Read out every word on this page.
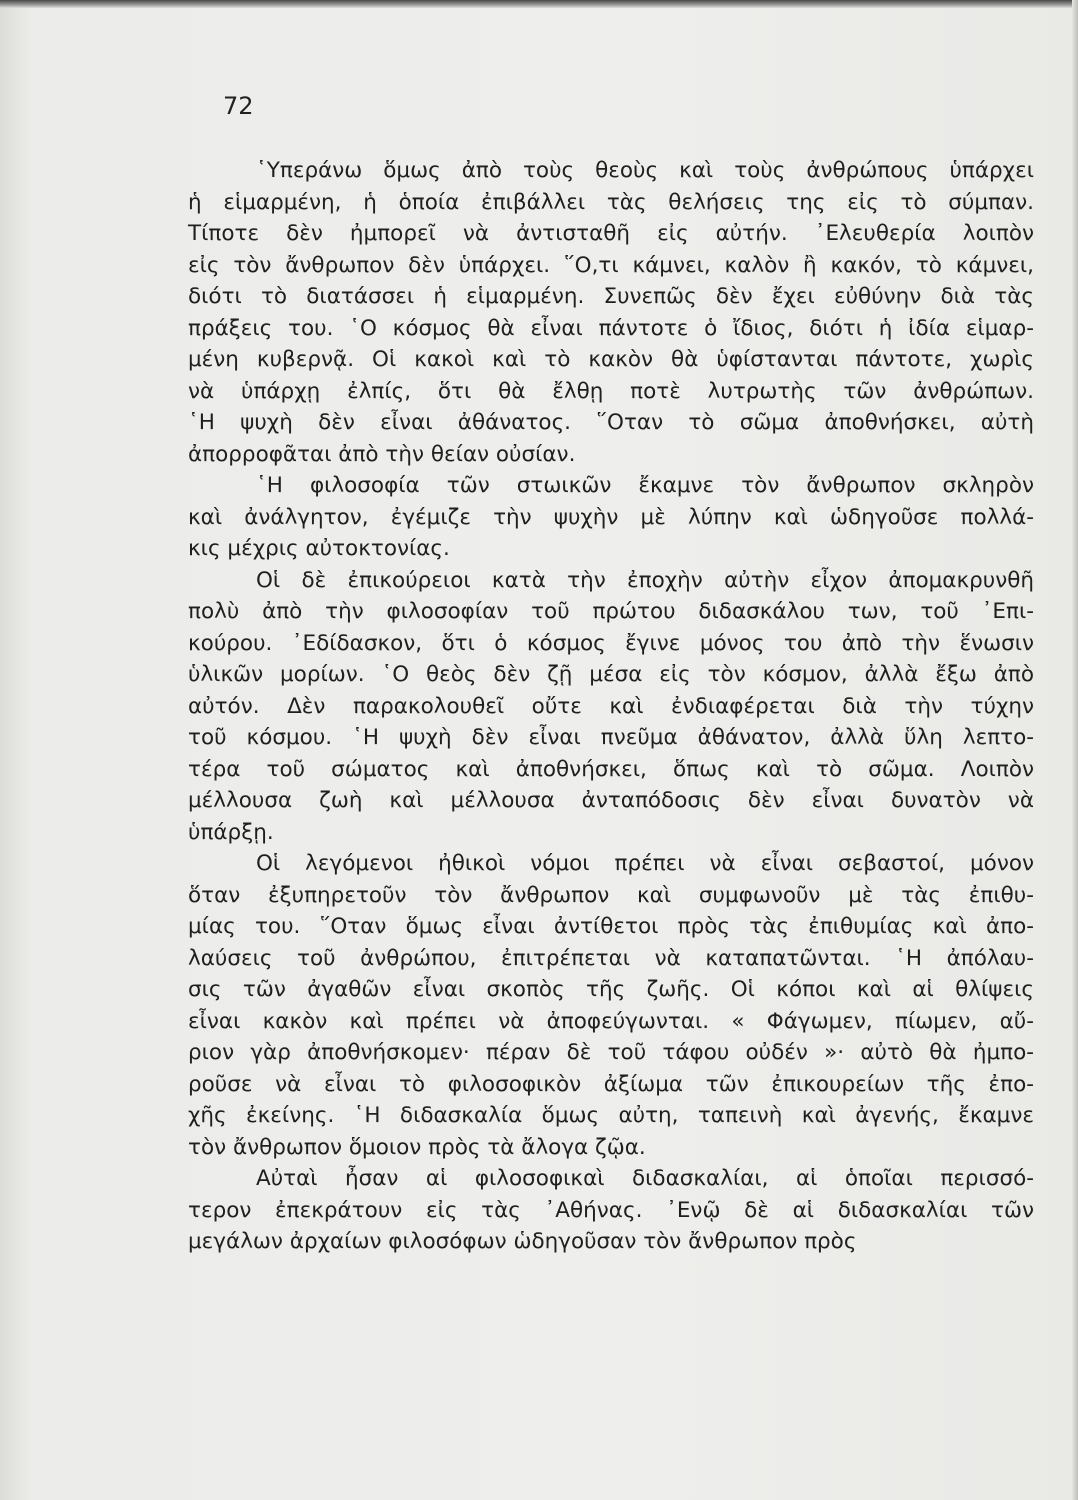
72

῾Υπεράνω ὅμως ἀπὸ τοὺς θεοὺς καὶ τοὺς ἀνθρώπους ὑπάρχει
ἡ εἱμαρμένη, ἡ ὁποία ἐπιβάλλει τὰς θελήσεις της εἰς τὸ σύμπαν.
Τίποτε δὲν ἠμπορεῖ νὰ ἀντισταθῆ εἰς αὐτήν. ᾿Ελευθερία λοιπὸν
εἰς τὸν ἄνθρωπον δὲν ὑπάρχει. ῞Ο,τι κάμνει, καλὸν ἢ κακόν, τὸ κάμνει,
διότι τὸ διατάσσει ἡ εἱμαρμένη. Συνεπῶς δὲν ἔχει εὐθύνην διὰ τὰς
πράξεις του. ῾Ο κόσμος θὰ εἶναι πάντοτε ὁ ἴδιος, διότι ἡ ἰδία εἱμαρ-
μένη κυβερνᾷ. Οἱ κακοὶ καὶ τὸ κακὸν θὰ ὑφίστανται πάντοτε, χωρὶς
νὰ ὑπάρχῃ ἐλπίς, ὅτι θὰ ἔλθῃ ποτὲ λυτρωτὴς τῶν ἀνθρώπων.
῾Η ψυχὴ δὲν εἶναι ἀθάνατος. ῞Οταν τὸ σῶμα ἀποθνήσκει, αὐτὴ
ἀπορροφᾶται ἀπὸ τὴν θείαν οὐσίαν.

῾Η φιλοσοφία τῶν στωικῶν ἔκαμνε τὸν ἄνθρωπον σκληρὸν
καὶ ἀνάλγητον, ἐγέμιζε τὴν ψυχὴν μὲ λύπην καὶ ὡδηγοῦσε πολλά-
κις μέχρις αὐτοκτονίας.

Οἱ δὲ ἐπικούρειοι κατὰ τὴν ἐποχὴν αὐτὴν εἶχον ἀπομακρυνθῆ
πολὺ ἀπὸ τὴν φιλοσοφίαν τοῦ πρώτου διδασκάλου των, τοῦ ᾿Επι-
κούρου. ᾿Εδίδασκον, ὅτι ὁ κόσμος ἔγινε μόνος του ἀπὸ τὴν ἕνωσιν
ὑλικῶν μορίων. ῾Ο θεὸς δὲν ζῇ μέσα εἰς τὸν κόσμον, ἀλλὰ ἔξω ἀπὸ
αὐτόν. Δὲν παρακολουθεῖ οὔτε καὶ ἐνδιαφέρεται διὰ τὴν τύχην
τοῦ κόσμου. ῾Η ψυχὴ δὲν εἶναι πνεῦμα ἀθάνατον, ἀλλὰ ὕλη λεπτο-
τέρα τοῦ σώματος καὶ ἀποθνήσκει, ὅπως καὶ τὸ σῶμα. Λοιπὸν
μέλλουσα ζωὴ καὶ μέλλουσα ἀνταπόδοσις δὲν εἶναι δυνατὸν νὰ
ὑπάρξῃ.

Οἱ λεγόμενοι ἠθικοὶ νόμοι πρέπει νὰ εἶναι σεβαστοί, μόνον
ὅταν ἐξυπηρετοῦν τὸν ἄνθρωπον καὶ συμφωνοῦν μὲ τὰς ἐπιθυ-
μίας του. ῞Οταν ὅμως εἶναι ἀντίθετοι πρὸς τὰς ἐπιθυμίας καὶ ἀπο-
λαύσεις τοῦ ἀνθρώπου, ἐπιτρέπεται νὰ καταπατῶνται. ῾Η ἀπόλαυ-
σις τῶν ἀγαθῶν εἶναι σκοπὸς τῆς ζωῆς. Οἱ κόποι καὶ αἱ θλίψεις
εἶναι κακὸν καὶ πρέπει νὰ ἀποφεύγωνται. « Φάγωμεν, πίωμεν, αὔ-
ριον γὰρ ἀποθνήσκομεν· πέραν δὲ τοῦ τάφου οὐδέν »· αὐτὸ θὰ ἠμπο-
ροῦσε νὰ εἶναι τὸ φιλοσοφικὸν ἀξίωμα τῶν ἐπικουρείων τῆς ἐπο-
χῆς ἐκείνης. ῾Η διδασκαλία ὅμως αὐτη, ταπεινὴ καὶ ἀγενής, ἔκαμνε
τὸν ἄνθρωπον ὅμοιον πρὸς τὰ ἄλογα ζῷα.

Αὐταὶ ἦσαν αἱ φιλοσοφικαὶ διδασκαλίαι, αἱ ὁποῖαι περισσό-
τερον ἐπεκράτουν εἰς τὰς ᾿Αθήνας. ᾿Ενῷ δὲ αἱ διδασκαλίαι τῶν
μεγάλων ἀρχαίων φιλοσόφων ὡδηγοῦσαν τὸν ἄνθρωπον πρὸς
